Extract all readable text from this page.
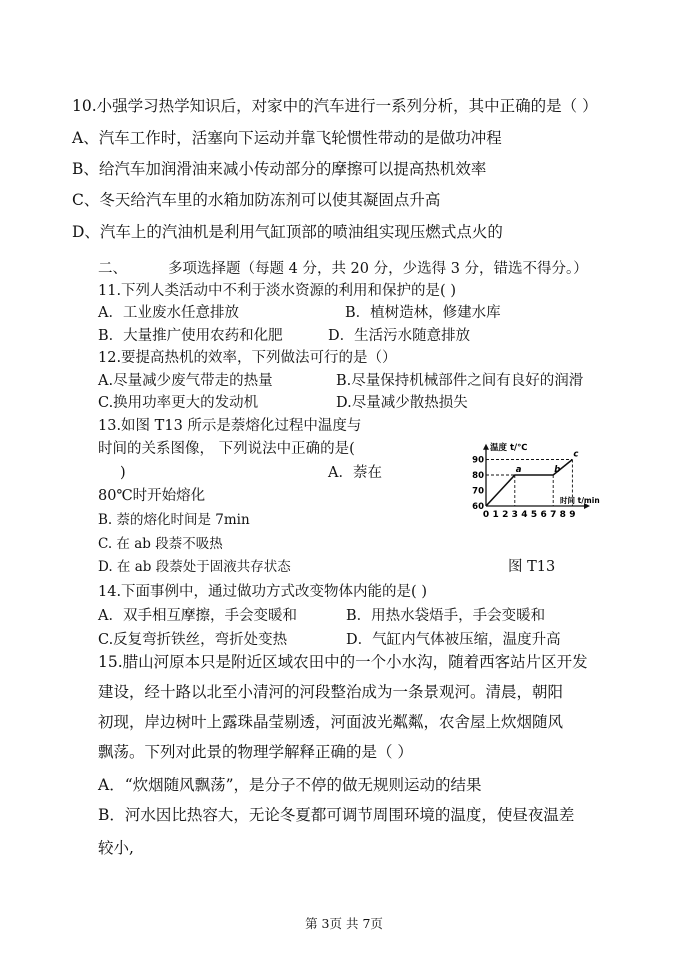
10.小强学习热学知识后，对家中的汽车进行一系列分析，其中正确的是（ ）
A、汽车工作时，活塞向下运动并靠飞轮惯性带动的是做功冲程
B、给汽车加润滑油来减小传动部分的摩擦可以提高热机效率
C、冬天给汽车里的水箱加防冻剂可以使其凝固点升高
D、汽车上的汽油机是利用气缸顶部的喷油组实现压燃式点火的
二、	多项选择题（每题 4 分，共 20 分，少选得 3 分，错选不得分。）
11.下列人类活动中不利于淡水资源的利用和保护的是( )
A．工业废水任意排放	B．植树造林，修建水库
B．大量推广使用农药和化肥	D．生活污水随意排放
12.要提高热机的效率，下列做法可行的是（）
A.尽量减少废气带走的热量	B.尽量保持机械部件之间有良好的润滑
C.换用功率更大的发动机	D.尽量减少散热损失
13.如图 T13 所示是萘熔化过程中温度与
时间的关系图像， 下列说法中正确的是(
)	A．萘在
80℃时开始熔化
B. 萘的熔化时间是 7min
C. 在 ab 段萘不吸热
D. 在 ab 段萘处于固液共存状态	图 T13
温度 t/℃
时间 t/min
0 1 2 3 4 5 6 7 8 9
60
70
80
90
a	b
c
14.下面事例中，通过做功方式改变物体内能的是( )
A．双手相互摩擦，手会变暖和	B．用热水袋焐手，手会变暖和
C.反复弯折铁丝，弯折处变热	D．气缸内气体被压缩，温度升高
15.腊山河原本只是附近区域农田中的一个小水沟，随着西客站片区开发
建设，经十路以北至小清河的河段整治成为一条景观河。清晨，朝阳
初现，岸边树叶上露珠晶莹剔透，河面波光粼粼，农舍屋上炊烟随风
飘荡。下列对此景的物理学解释正确的是（ ）
A．“炊烟随风飘荡”，是分子不停的做无规则运动的结果
B．河水因比热容大，无论冬夏都可调节周围环境的温度，使昼夜温差
较小,
第 3页 共 7页
